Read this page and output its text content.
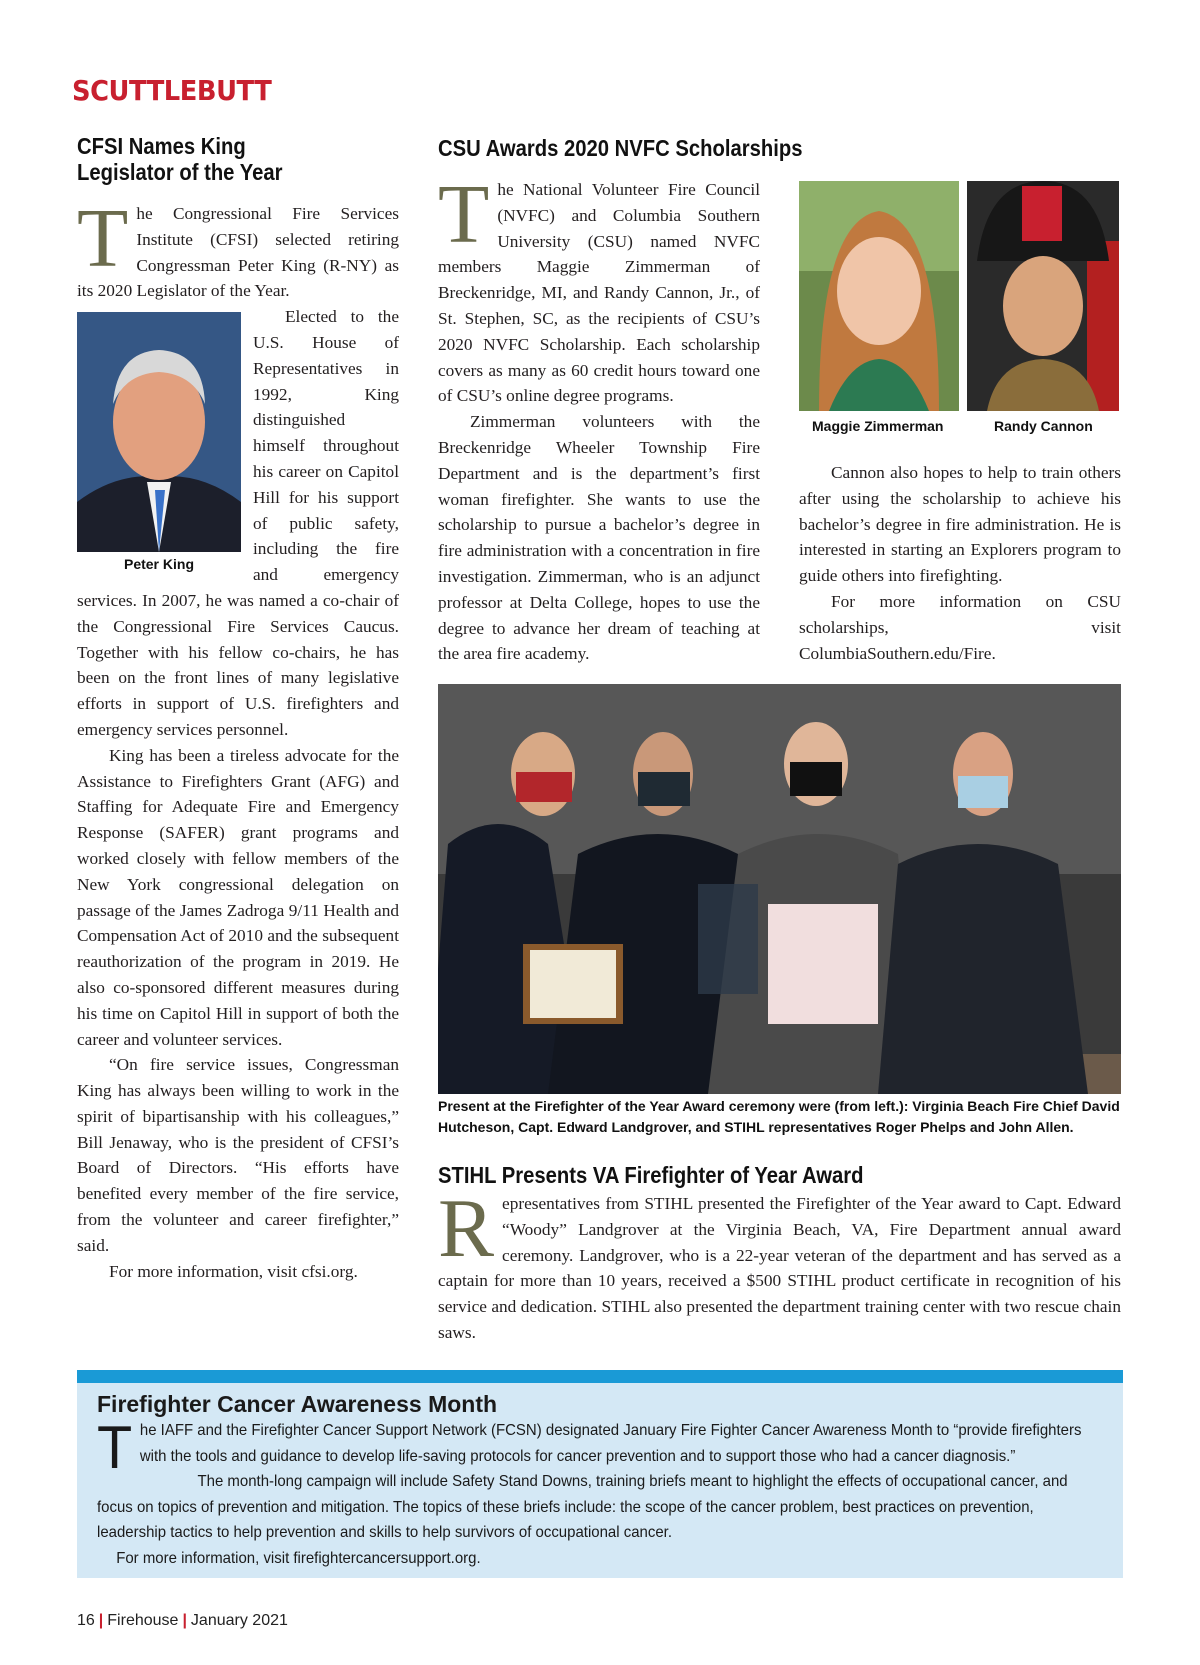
SCUTTLEBUTT
CFSI Names King
Legislator of the Year

The Congressional Fire Services Institute (CFSI) selected retiring Congressman Peter King (R-NY) as its 2020 Legislator of the Year.

Peter King

Elected to the U.S. House of Representatives in 1992, King distinguished himself throughout his career on Capitol Hill for his support of public safety, including the fire and emergency services. In 2007, he was named a co-chair of the Congressional Fire Services Caucus. Together with his fellow co-chairs, he has been on the front lines of many legislative efforts in support of U.S. firefighters and emergency services personnel.

King has been a tireless advocate for the Assistance to Firefighters Grant (AFG) and Staffing for Adequate Fire and Emergency Response (SAFER) grant programs and worked closely with fellow members of the New York congressional delegation on passage of the James Zadroga 9/11 Health and Compensation Act of 2010 and the subsequent reauthorization of the program in 2019. He also co-sponsored different measures during his time on Capitol Hill in support of both the career and volunteer services.

“On fire service issues, Congressman King has always been willing to work in the spirit of bipartisanship with his colleagues,” Bill Jenaway, who is the president of CFSI’s Board of Directors. “His efforts have benefited every member of the fire service, from the volunteer and career firefighter,” said.

For more information, visit cfsi.org.

CSU Awards 2020 NVFC Scholarships

The National Volunteer Fire Council (NVFC) and Columbia Southern University (CSU) named NVFC members Maggie Zimmerman of Breckenridge, MI, and Randy Cannon, Jr., of St. Stephen, SC, as the recipients of CSU’s 2020 NVFC Scholarship. Each scholarship covers as many as 60 credit hours toward one of CSU’s online degree programs.

Zimmerman volunteers with the Breckenridge Wheeler Township Fire Department and is the department’s first woman firefighter. She wants to use the scholarship to pursue a bachelor’s degree in fire administration with a concentration in fire investigation. Zimmerman, who is an adjunct professor at Delta College, hopes to use the degree to advance her dream of teaching at the area fire academy.

Maggie Zimmerman	Randy Cannon

Cannon also hopes to help to train others after using the scholarship to achieve his bachelor’s degree in fire administration. He is interested in starting an Explorers program to guide others into firefighting.

For more information on CSU scholarships, visit ColumbiaSouthern.edu/Fire.

Present at the Firefighter of the Year Award ceremony were (from left.): Virginia Beach Fire Chief David Hutcheson, Capt. Edward Landgrover, and STIHL representatives Roger Phelps and John Allen.
STIHL Presents VA Firefighter of Year Award

Representatives from STIHL presented the Firefighter of the Year award to Capt. Edward “Woody” Landgrover at the Virginia Beach, VA, Fire Department annual award ceremony. Landgrover, who is a 22-year veteran of the department and has served as a captain for more than 10 years, received a $500 STIHL product certificate in recognition of his service and dedication. STIHL also presented the department training center with two rescue chain saws.

Firefighter Cancer Awareness Month

The IAFF and the Firefighter Cancer Support Network (FCSN) designated January Fire Fighter Cancer Awareness Month to “provide firefighters with the tools and guidance to develop life-saving protocols for cancer prevention and to support those who had a cancer diagnosis.”

The month-long campaign will include Safety Stand Downs, training briefs meant to highlight the effects of occupational cancer, and focus on topics of prevention and mitigation. The topics of these briefs include: the scope of the cancer problem, best practices on prevention, leadership tactics to help prevention and skills to help survivors of occupational cancer.

For more information, visit firefightercancersupport.org.

16 | Firehouse | January 2021
